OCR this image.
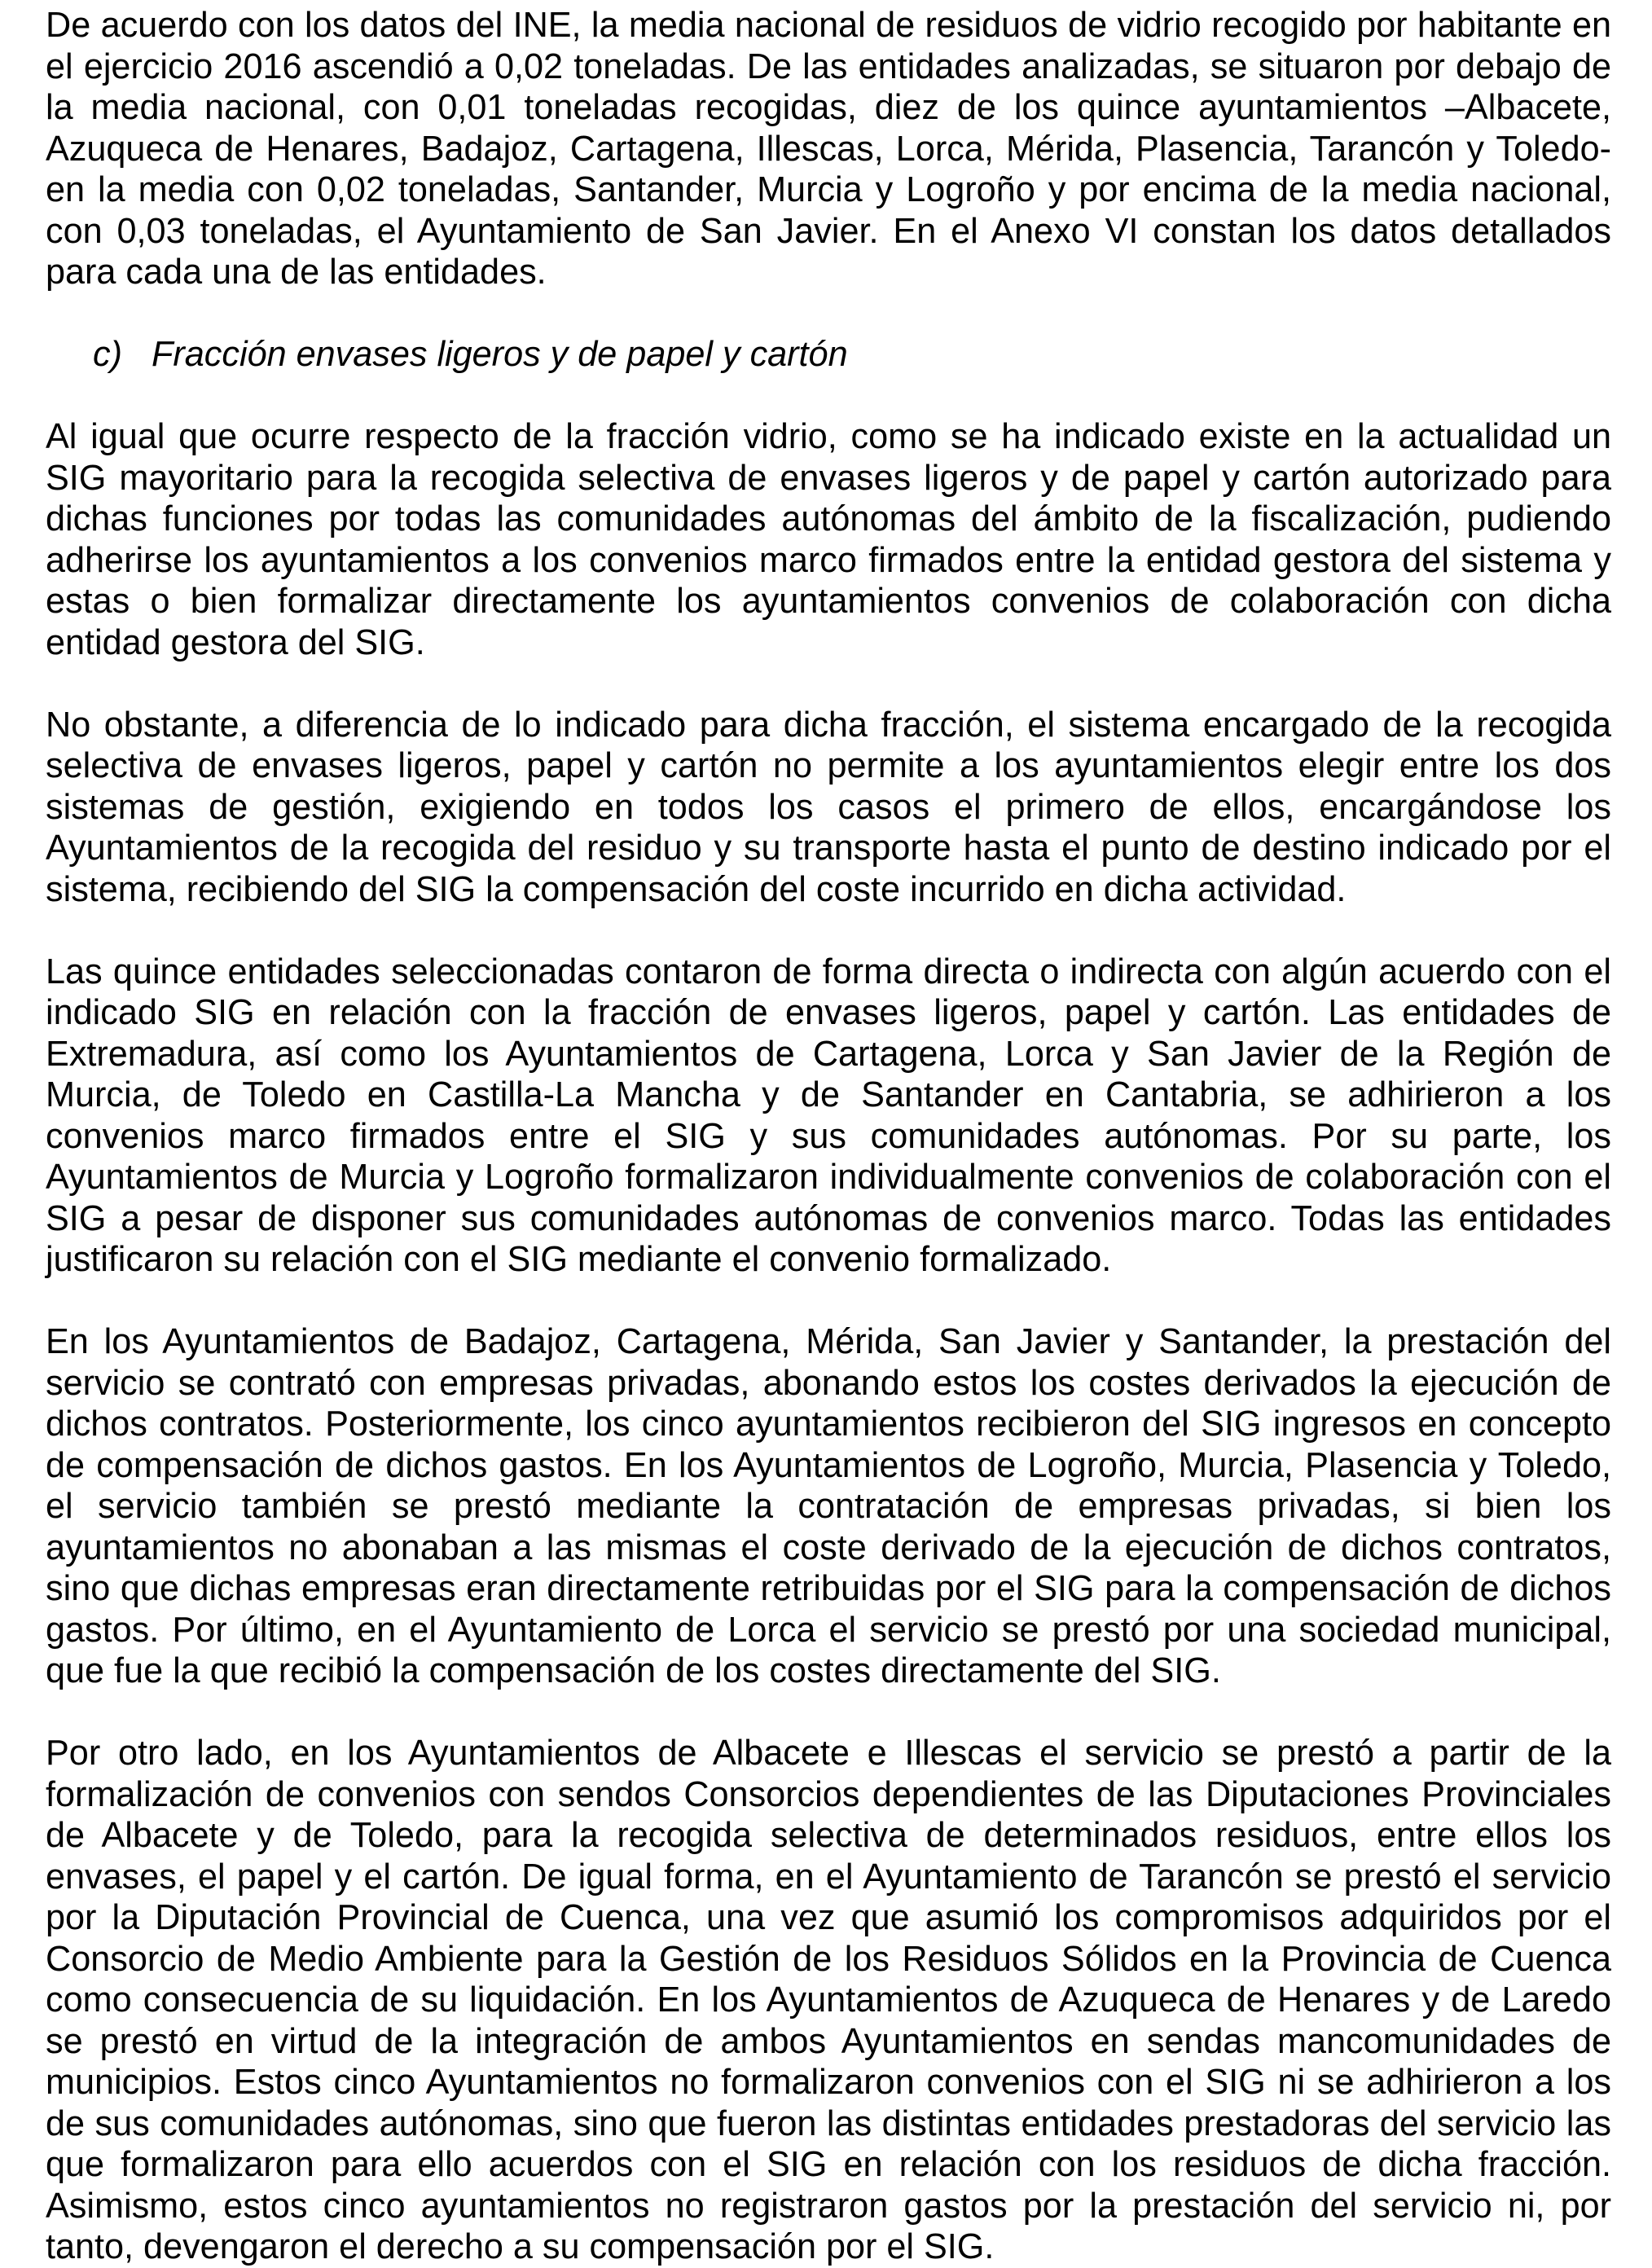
De acuerdo con los datos del INE, la media nacional de residuos de vidrio recogido por habitante en el ejercicio 2016 ascendió a 0,02 toneladas. De las entidades analizadas, se situaron por debajo de la media nacional, con 0,01 toneladas recogidas, diez de los quince ayuntamientos –Albacete, Azuqueca de Henares, Badajoz, Cartagena, Illescas, Lorca, Mérida, Plasencia, Tarancón y Toledo- en la media con 0,02 toneladas, Santander, Murcia y Logroño y por encima de la media nacional, con 0,03 toneladas, el Ayuntamiento de San Javier. En el Anexo VI constan los datos detallados para cada una de las entidades.

c) Fracción envases ligeros y de papel y cartón

Al igual que ocurre respecto de la fracción vidrio, como se ha indicado existe en la actualidad un SIG mayoritario para la recogida selectiva de envases ligeros y de papel y cartón autorizado para dichas funciones por todas las comunidades autónomas del ámbito de la fiscalización, pudiendo adherirse los ayuntamientos a los convenios marco firmados entre la entidad gestora del sistema y estas o bien formalizar directamente los ayuntamientos convenios de colaboración con dicha entidad gestora del SIG.

No obstante, a diferencia de lo indicado para dicha fracción, el sistema encargado de la recogida selectiva de envases ligeros, papel y cartón no permite a los ayuntamientos elegir entre los dos sistemas de gestión, exigiendo en todos los casos el primero de ellos, encargándose los Ayuntamientos de la recogida del residuo y su transporte hasta el punto de destino indicado por el sistema, recibiendo del SIG la compensación del coste incurrido en dicha actividad.

Las quince entidades seleccionadas contaron de forma directa o indirecta con algún acuerdo con el indicado SIG en relación con la fracción de envases ligeros, papel y cartón. Las entidades de Extremadura, así como los Ayuntamientos de Cartagena, Lorca y San Javier de la Región de Murcia, de Toledo en Castilla-La Mancha y de Santander en Cantabria, se adhirieron a los convenios marco firmados entre el SIG y sus comunidades autónomas. Por su parte, los Ayuntamientos de Murcia y Logroño formalizaron individualmente convenios de colaboración con el SIG a pesar de disponer sus comunidades autónomas de convenios marco. Todas las entidades justificaron su relación con el SIG mediante el convenio formalizado.

En los Ayuntamientos de Badajoz, Cartagena, Mérida, San Javier y Santander, la prestación del servicio se contrató con empresas privadas, abonando estos los costes derivados la ejecución de dichos contratos. Posteriormente, los cinco ayuntamientos recibieron del SIG ingresos en concepto de compensación de dichos gastos. En los Ayuntamientos de Logroño, Murcia, Plasencia y Toledo, el servicio también se prestó mediante la contratación de empresas privadas, si bien los ayuntamientos no abonaban a las mismas el coste derivado de la ejecución de dichos contratos, sino que dichas empresas eran directamente retribuidas por el SIG para la compensación de dichos gastos. Por último, en el Ayuntamiento de Lorca el servicio se prestó por una sociedad municipal, que fue la que recibió la compensación de los costes directamente del SIG.

Por otro lado, en los Ayuntamientos de Albacete e Illescas el servicio se prestó a partir de la formalización de convenios con sendos Consorcios dependientes de las Diputaciones Provinciales de Albacete y de Toledo, para la recogida selectiva de determinados residuos, entre ellos los envases, el papel y el cartón. De igual forma, en el Ayuntamiento de Tarancón se prestó el servicio por la Diputación Provincial de Cuenca, una vez que asumió los compromisos adquiridos por el Consorcio de Medio Ambiente para la Gestión de los Residuos Sólidos en la Provincia de Cuenca como consecuencia de su liquidación. En los Ayuntamientos de Azuqueca de Henares y de Laredo se prestó en virtud de la integración de ambos Ayuntamientos en sendas mancomunidades de municipios. Estos cinco Ayuntamientos no formalizaron convenios con el SIG ni se adhirieron a los de sus comunidades autónomas, sino que fueron las distintas entidades prestadoras del servicio las que formalizaron para ello acuerdos con el SIG en relación con los residuos de dicha fracción. Asimismo, estos cinco ayuntamientos no registraron gastos por la prestación del servicio ni, por tanto, devengaron el derecho a su compensación por el SIG.
